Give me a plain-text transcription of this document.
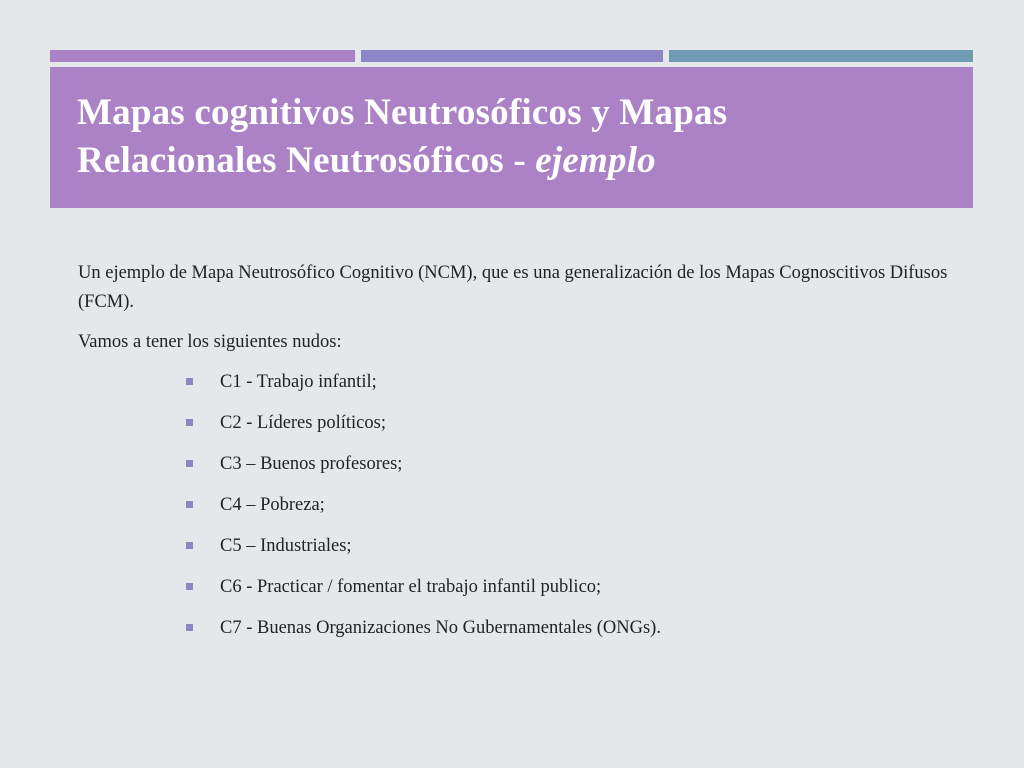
Mapas cognitivos Neutrosóficos y Mapas
Relacionales Neutrosóficos - ejemplo

Un ejemplo de Mapa Neutrosófico Cognitivo (NCM), que es una generalización de los Mapas Cognoscitivos Difusos (FCM).

Vamos a tener los siguientes nudos:

C1 - Trabajo infantil;
C2 - Líderes políticos;
C3 – Buenos profesores;
C4 – Pobreza;
C5 – Industriales;
C6 - Practicar / fomentar el trabajo infantil publico;
C7 - Buenas Organizaciones No Gubernamentales (ONGs).
